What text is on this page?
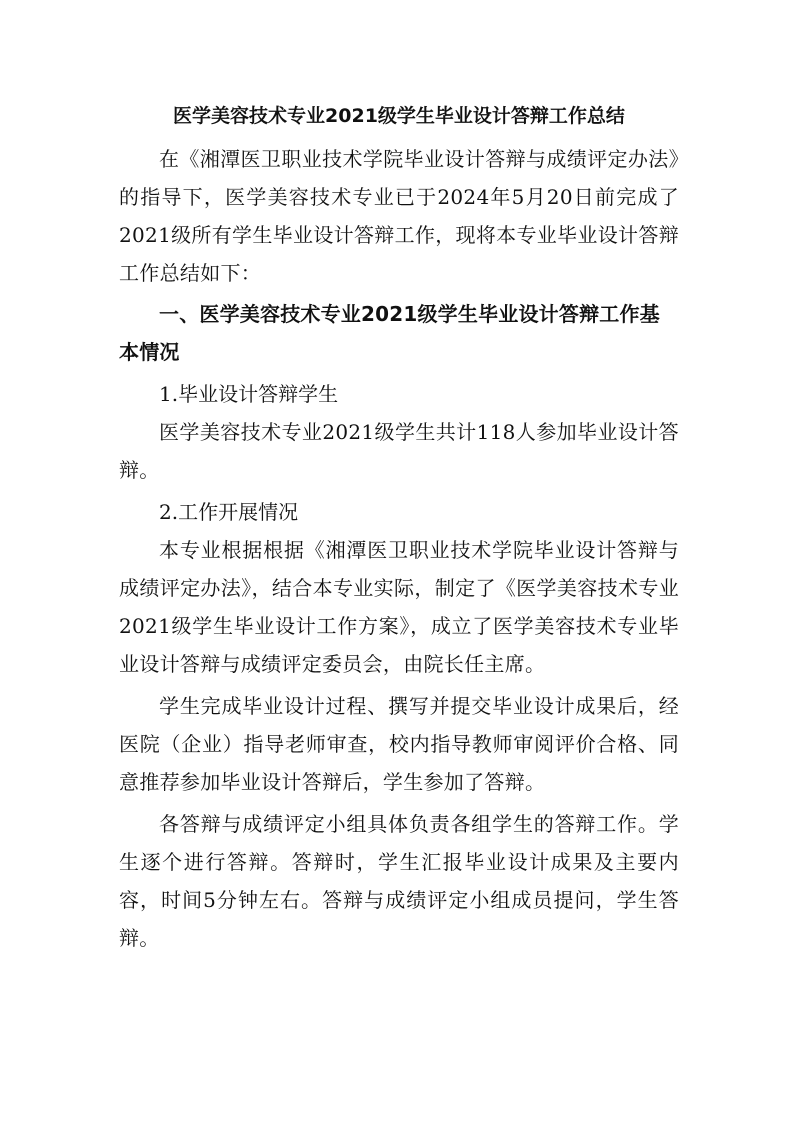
医学美容技术专业2021级学生毕业设计答辩工作总结

在《湘潭医卫职业技术学院毕业设计答辩与成绩评定办法》的指导下，医学美容技术专业已于2024年5月20日前完成了2021级所有学生毕业设计答辩工作，现将本专业毕业设计答辩工作总结如下：

一、医学美容技术专业2021级学生毕业设计答辩工作基本情况

1.毕业设计答辩学生

医学美容技术专业2021级学生共计118人参加毕业设计答辩。

2.工作开展情况

本专业根据根据《湘潭医卫职业技术学院毕业设计答辩与成绩评定办法》，结合本专业实际，制定了《医学美容技术专业2021级学生毕业设计工作方案》，成立了医学美容技术专业毕业设计答辩与成绩评定委员会，由院长任主席。

学生完成毕业设计过程、撰写并提交毕业设计成果后，经医院（企业）指导老师审查，校内指导教师审阅评价合格、同意推荐参加毕业设计答辩后，学生参加了答辩。

各答辩与成绩评定小组具体负责各组学生的答辩工作。学生逐个进行答辩。答辩时，学生汇报毕业设计成果及主要内容，时间5分钟左右。答辩与成绩评定小组成员提问，学生答辩。
